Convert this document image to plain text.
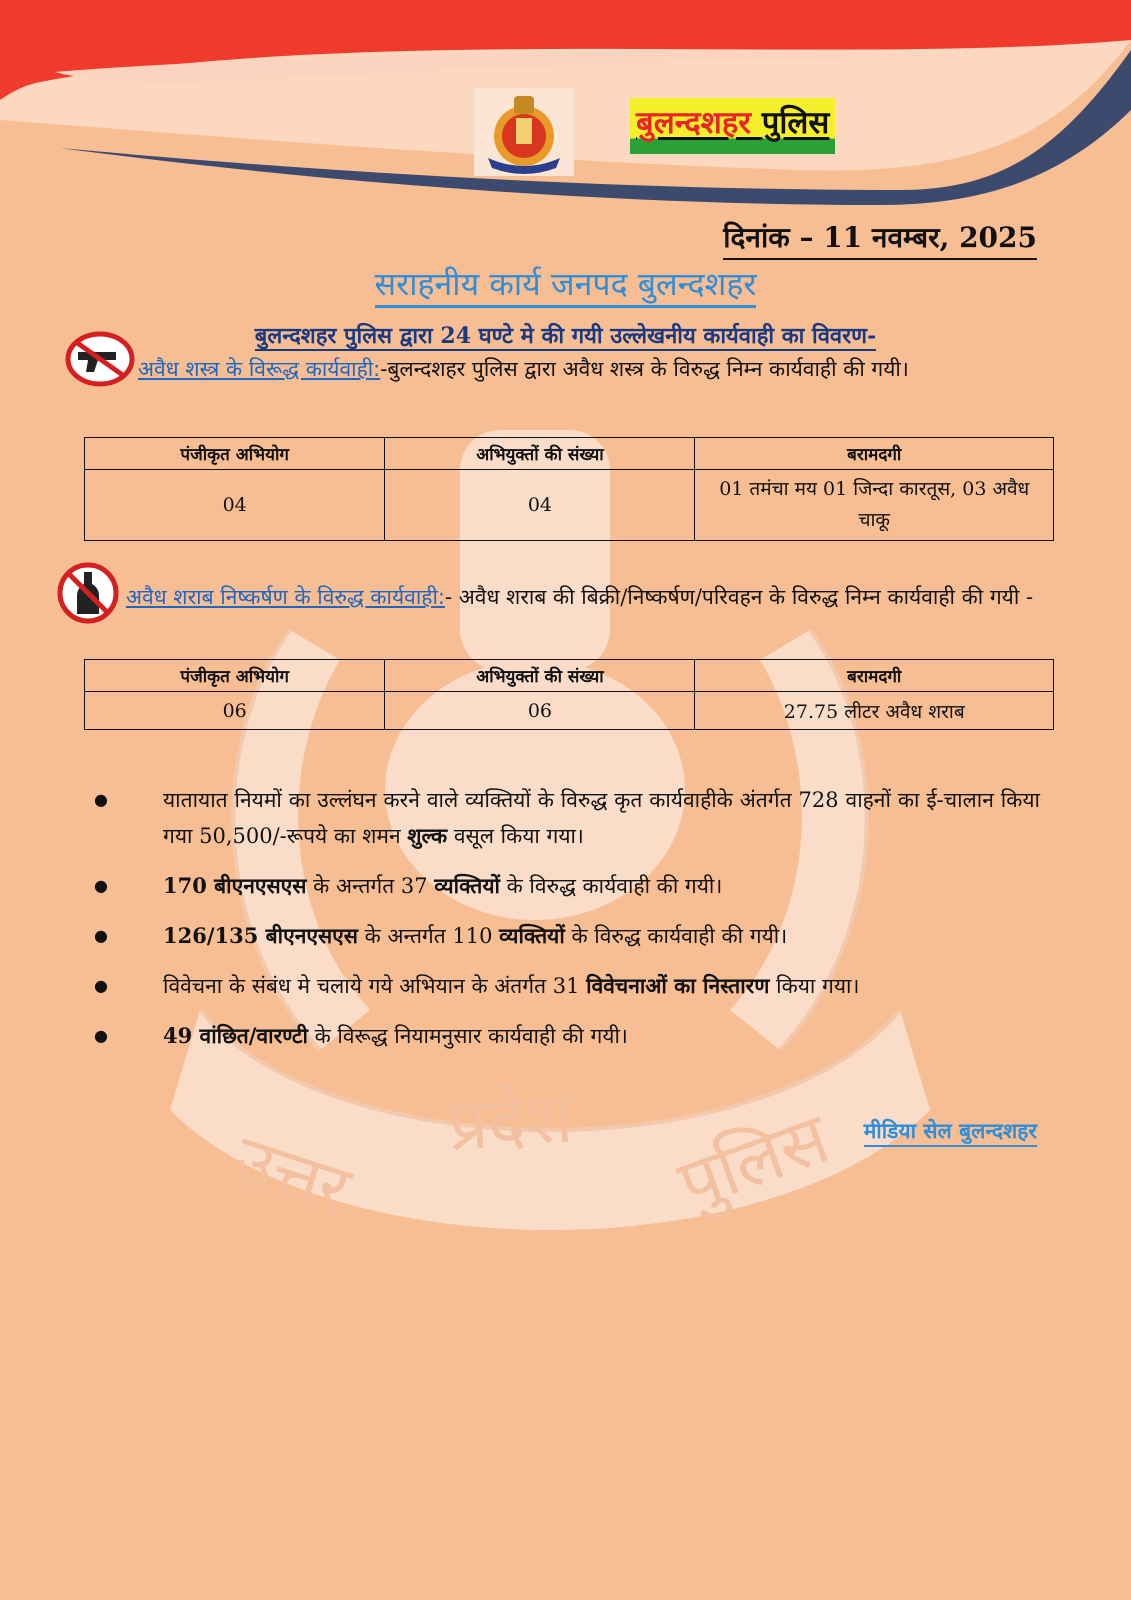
बुलन्दशहर पुलिस
उत्तर प्रदेश पुलिस
दिनांक – 11 नवम्बर, 2025
सराहनीय कार्य जनपद बुलन्दशहर
बुलन्दशहर पुलिस द्वारा 24 घण्टे मे की गयी उल्लेखनीय कार्यवाही का विवरण-
अवैध शस्त्र के विरूद्ध कार्यवाही:-बुलन्दशहर पुलिस द्वारा अवैध शस्त्र के विरुद्ध निम्न कार्यवाही की गयी।
पंजीकृत अभियोग	अभियुक्तों की संख्या	बरामदगी
04	04	01 तमंचा मय 01 जिन्दा कारतूस, 03 अवैध चाकू
अवैध शराब निष्कर्षण के विरुद्ध कार्यवाही:- अवैध शराब की बिक्री/निष्कर्षण/परिवहन के विरुद्ध निम्न कार्यवाही की गयी -
पंजीकृत अभियोग	अभियुक्तों की संख्या	बरामदगी
06	06	27.75 लीटर अवैध शराब
● यातायात नियमों का उल्लंघन करने वाले व्यक्तियों के विरुद्ध कृत कार्यवाहीके अंतर्गत 728 वाहनों का ई-चालान किया गया 50,500/-रूपये का शमन शुल्क वसूल किया गया।
● 170 बीएनएसएस के अन्तर्गत 37 व्यक्तियों के विरुद्ध कार्यवाही की गयी।
● 126/135 बीएनएसएस के अन्तर्गत 110 व्यक्तियों के विरुद्ध कार्यवाही की गयी।
● विवेचना के संबंध मे चलाये गये अभियान के अंतर्गत 31 विवेचनाओं का निस्तारण किया गया।
● 49 वांछित/वारण्टी के विरूद्ध नियामनुसार कार्यवाही की गयी।
मीडिया सेल बुलन्दशहर
